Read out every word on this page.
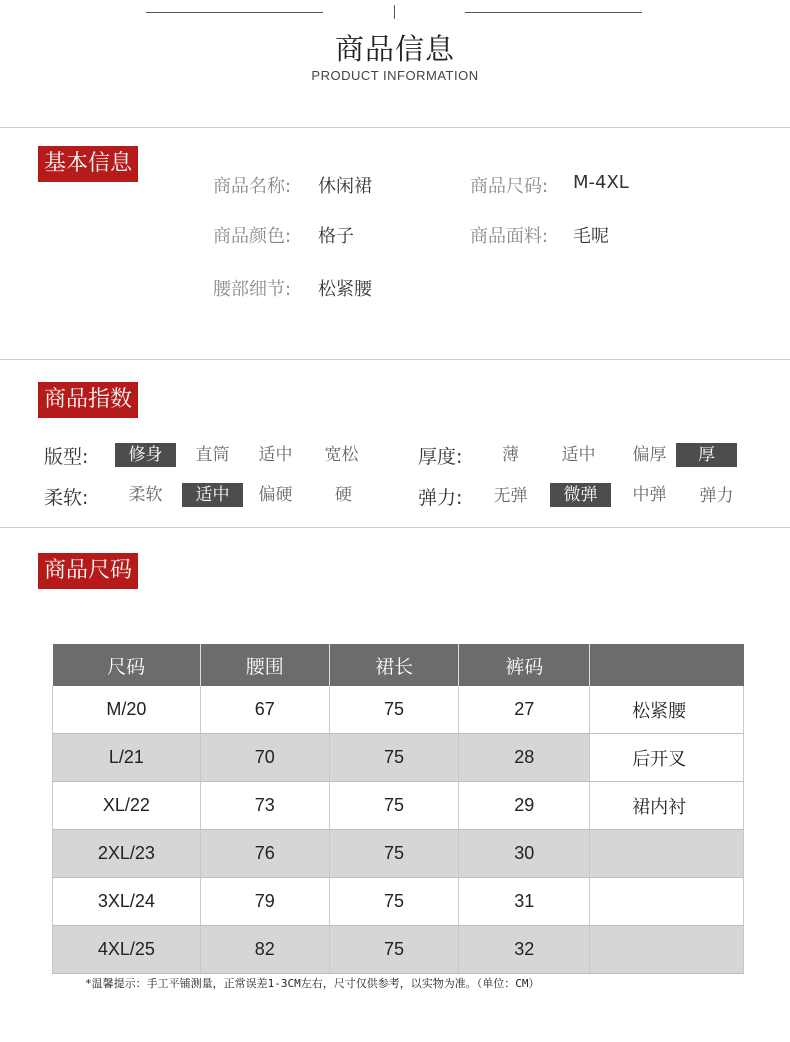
商品信息
PRODUCT INFORMATION
基本信息
商品名称: 休闲裙	商品尺码: M-4XL
商品颜色: 格子	商品面料: 毛呢
腰部细节: 松紧腰
商品指数
版型:	修身	直筒	适中	宽松	厚度:	薄	适中	偏厚	厚
柔软:	柔软	适中	偏硬	硬	弹力:	无弹	微弹	中弹	弹力
商品尺码
尺码	腰围	裙长	裤码	
M/20	67	75	27	松紧腰
L/21	70	75	28	后开叉
XL/22	73	75	29	裙内衬
2XL/23	76	75	30	
3XL/24	79	75	31	
4XL/25	82	75	32	
*温馨提示：手工平铺测量，正常误差1-3CM左右，尺寸仅供参考，以实物为准。（单位：CM）
